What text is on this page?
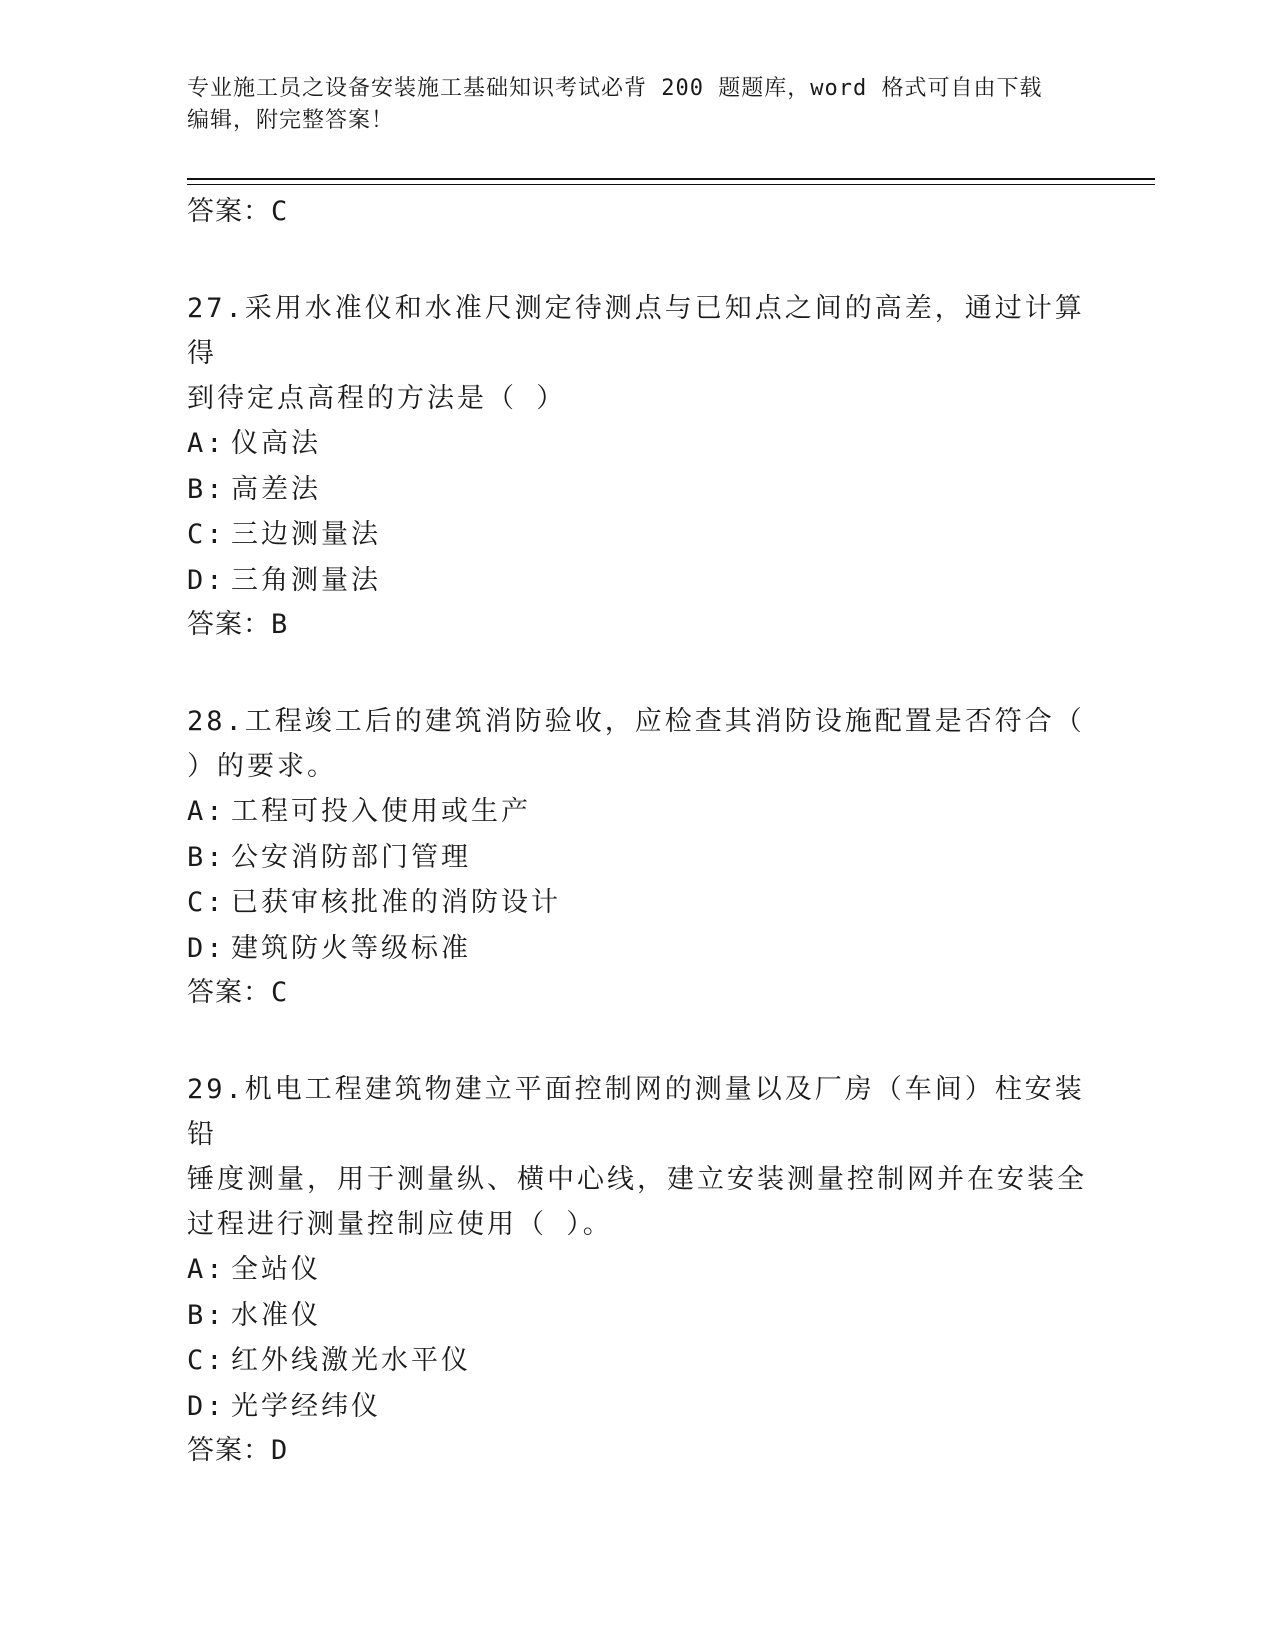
专业施工员之设备安装施工基础知识考试必背 200 题题库，word 格式可自由下载
编辑，附完整答案！
答案：C
27.采用水准仪和水准尺测定待测点与已知点之间的高差，通过计算得
到待定点高程的方法是（ ）
A: 仪高法
B: 高差法
C: 三边测量法
D: 三角测量法
答案：B
28.工程竣工后的建筑消防验收，应检查其消防设施配置是否符合（
）的要求。
A: 工程可投入使用或生产
B: 公安消防部门管理
C: 已获审核批准的消防设计
D: 建筑防火等级标准
答案：C
29.机电工程建筑物建立平面控制网的测量以及厂房（车间）柱安装铅
锤度测量，用于测量纵、横中心线，建立安装测量控制网并在安装全
过程进行测量控制应使用（ ）。
A: 全站仪
B: 水准仪
C: 红外线激光水平仪
D: 光学经纬仪
答案：D
